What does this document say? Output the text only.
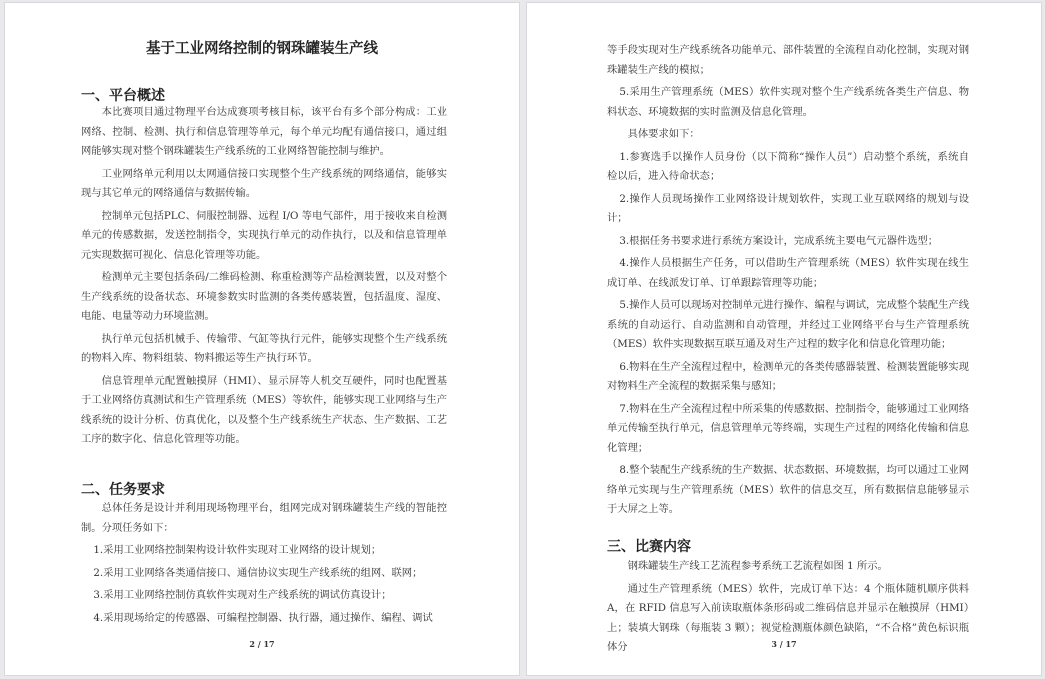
基于工业网络控制的钢珠罐装生产线
一、平台概述

本比赛项目通过物理平台达成赛项考核目标，该平台有多个部分构成：工业网络、控制、检测、执行和信息管理等单元，每个单元均配有通信接口，通过组网能够实现对整个钢珠罐装生产线系统的工业网络智能控制与维护。

工业网络单元利用以太网通信接口实现整个生产线系统的网络通信，能够实现与其它单元的网络通信与数据传输。

控制单元包括PLC、伺服控制器、远程 I/O 等电气部件，用于接收来自检测单元的传感数据，发送控制指令，实现执行单元的动作执行，以及和信息管理单元实现数据可视化、信息化管理等功能。

检测单元主要包括条码/二维码检测、称重检测等产品检测装置，以及对整个生产线系统的设备状态、环境参数实时监测的各类传感装置，包括温度、湿度、电能、电量等动力环境监测。

执行单元包括机械手、传输带、气缸等执行元件，能够实现整个生产线系统的物料入库、物料组装、物料搬运等生产执行环节。

信息管理单元配置触摸屏（HMI）、显示屏等人机交互硬件，同时也配置基于工业网络仿真测试和生产管理系统（MES）等软件，能够实现工业网络与生产线系统的设计分析、仿真优化，以及整个生产线系统生产状态、生产数据、工艺工序的数字化、信息化管理等功能。

二、任务要求

总体任务是设计并利用现场物理平台，组网完成对钢珠罐装生产线的智能控制。分项任务如下：

1.采用工业网络控制架构设计软件实现对工业网络的设计规划；

2.采用工业网络各类通信接口、通信协议实现生产线系统的组网、联网；

3.采用工业网络控制仿真软件实现对生产线系统的调试仿真设计；

4.采用现场给定的传感器、可编程控制器、执行器，通过操作、编程、调试

2 / 17

等手段实现对生产线系统各功能单元、部件装置的全流程自动化控制，实现对钢珠罐装生产线的模拟；

5.采用生产管理系统（MES）软件实现对整个生产线系统各类生产信息、物料状态、环境数据的实时监测及信息化管理。

具体要求如下：

1.参赛选手以操作人员身份（以下简称“操作人员”）启动整个系统，系统自检以后，进入待命状态；

2.操作人员现场操作工业网络设计规划软件，实现工业互联网络的规划与设计；

3.根据任务书要求进行系统方案设计，完成系统主要电气元器件选型；

4.操作人员根据生产任务，可以借助生产管理系统（MES）软件实现在线生成订单、在线派发订单、订单跟踪管理等功能；

5.操作人员可以现场对控制单元进行操作、编程与调试，完成整个装配生产线系统的自动运行、自动监测和自动管理，并经过工业网络平台与生产管理系统（MES）软件实现数据互联互通及对生产过程的数字化和信息化管理功能；

6.物料在生产全流程过程中，检测单元的各类传感器装置、检测装置能够实现对物料生产全流程的数据采集与感知；

7.物料在生产全流程过程中所采集的传感数据、控制指令，能够通过工业网络单元传输至执行单元，信息管理单元等终端，实现生产过程的网络化传输和信息化管理；

8.整个装配生产线系统的生产数据、状态数据、环境数据，均可以通过工业网络单元实现与生产管理系统（MES）软件的信息交互，所有数据信息能够显示于大屏之上等。

三、比赛内容

钢珠罐装生产线工艺流程参考系统工艺流程如图 1 所示。

通过生产管理系统（MES）软件，完成订单下达：4 个瓶体随机顺序供料 A，在 RFID 信息写入前读取瓶体条形码或二维码信息并显示在触摸屏（HMI）上；装填大钢珠（每瓶装 3 颗）；视觉检测瓶体颜色缺陷，“不合格”黄色标识瓶体分	3 / 17
